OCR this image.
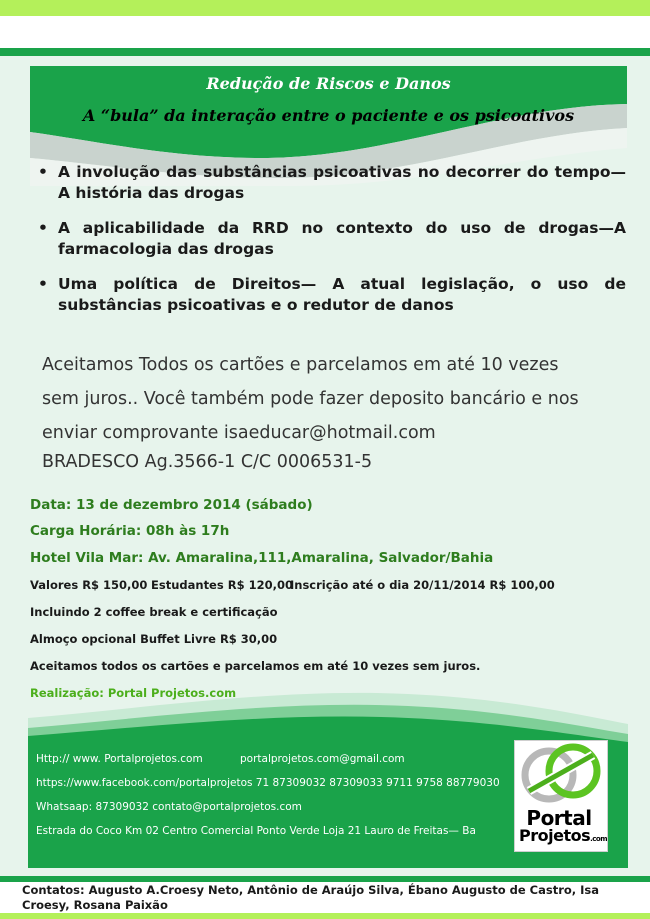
Redução de Riscos e Danos
A “bula” da interação entre o paciente e os psicoativos
• A involução das substâncias psicoativas no decorrer do tempo—A história das drogas
• A aplicabilidade da RRD no contexto do uso de drogas—A farmacologia das drogas
• Uma política de Direitos— A atual legislação, o uso de substâncias psicoativas e o redutor de danos
Aceitamos Todos os cartões e parcelamos em até 10 vezes
sem juros.. Você também pode fazer deposito bancário e nos
enviar comprovante isaeducar@hotmail.com
BRADESCO Ag.3566-1 C/C 0006531-5
Data: 13 de dezembro 2014 (sábado)
Carga Horária: 08h às 17h
Hotel Vila Mar: Av. Amaralina,111,Amaralina, Salvador/Bahia
Valores R$ 150,00 Estudantes R$ 120,00
Inscrição até o dia 20/11/2014 R$ 100,00
Incluindo 2 coffee break e certificação
Almoço opcional Buffet Livre R$ 30,00
Aceitamos todos os cartões e parcelamos em até 10 vezes sem juros.
Realização: Portal Projetos.com
Http:// www. Portalprojetos.com	portalprojetos.com@gmail.com
https://www.facebook.com/portalprojetos 71 87309032 87309033 9711 9758 88779030
Whatsaap: 87309032 contato@portalprojetos.com
Estrada do Coco Km 02 Centro Comercial Ponto Verde Loja 21 Lauro de Freitas— Ba
Portal
Projetos.com
Contatos: Augusto A.Croesy Neto, Antônio de Araújo Silva, Ébano Augusto de Castro, Isa Croesy, Rosana Paixão
